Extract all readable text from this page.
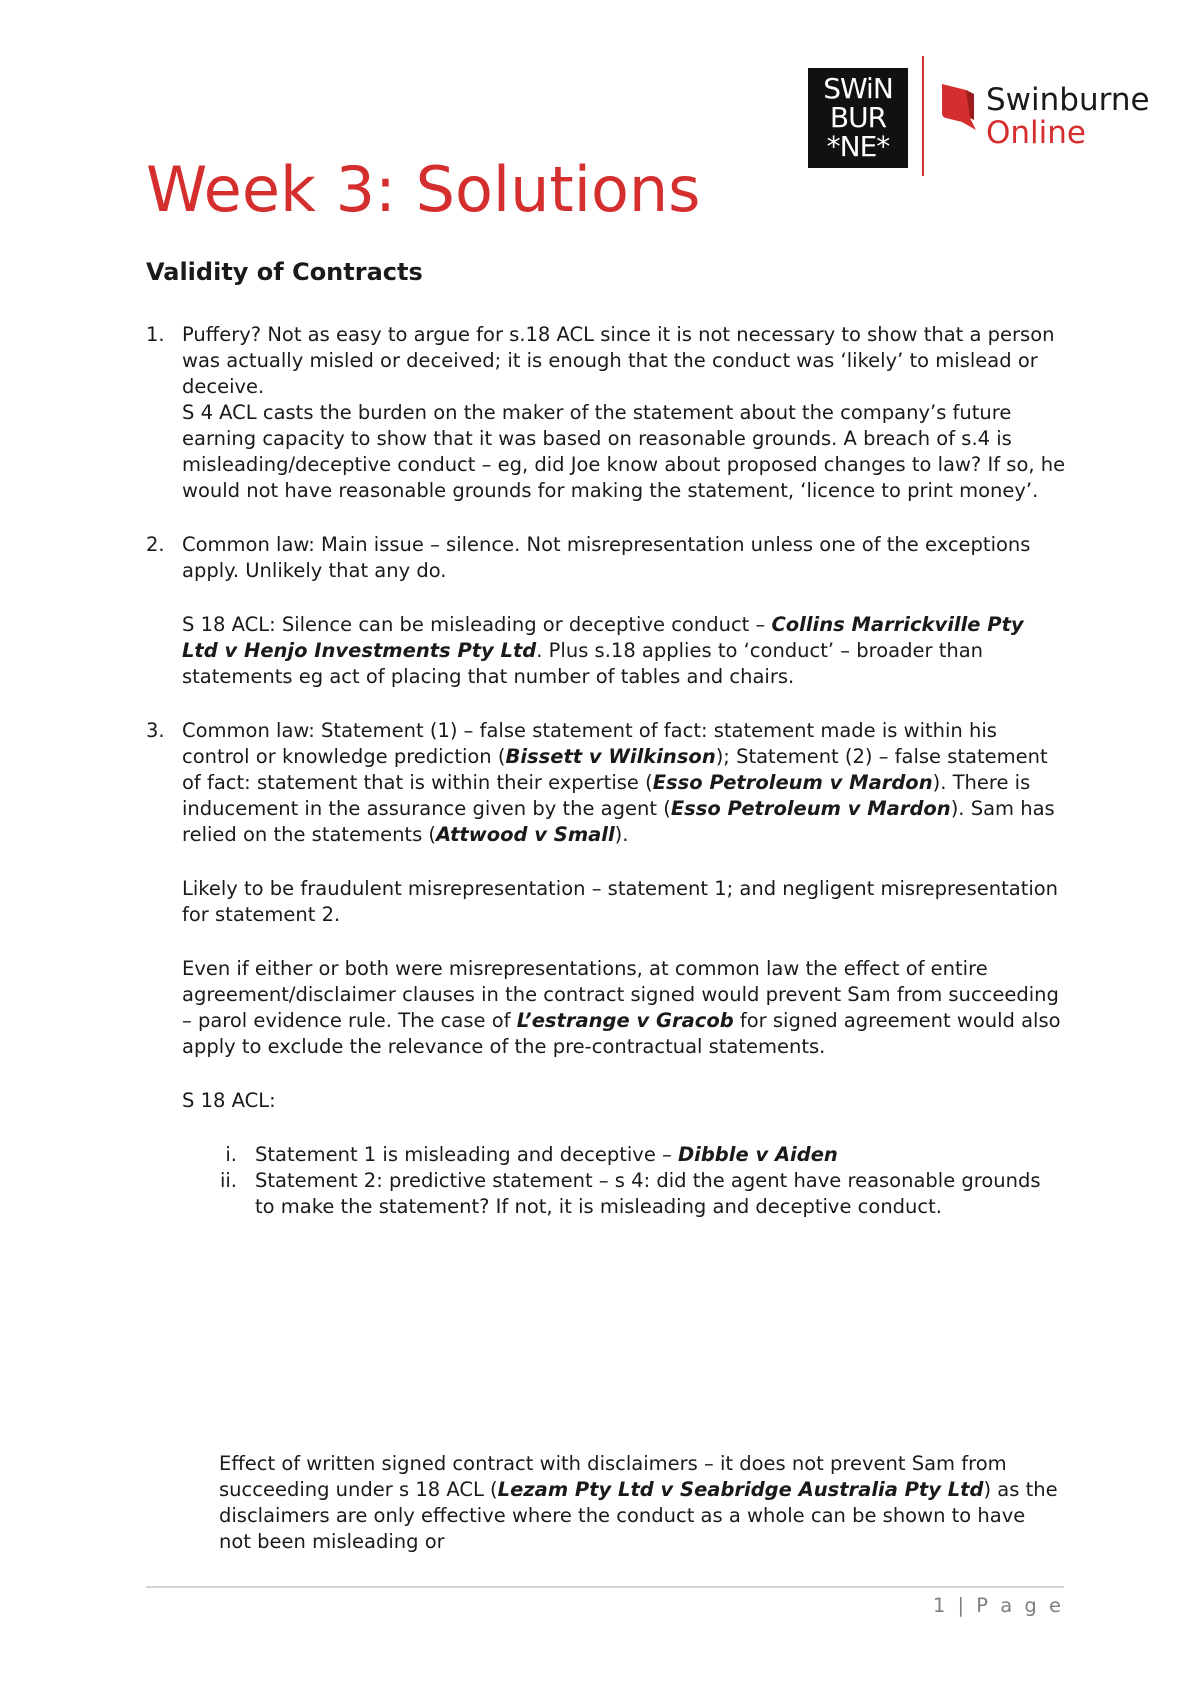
SWiN
BUR
*NE*
Swinburne
Online
Week 3: Solutions
Validity of Contracts
1. Puffery? Not as easy to argue for s.18 ACL since it is not necessary to show that a person was actually misled or deceived; it is enough that the conduct was ‘likely’ to mislead or deceive.

S 4 ACL casts the burden on the maker of the statement about the company’s future earning capacity to show that it was based on reasonable grounds. A breach of s.4 is misleading/deceptive conduct – eg, did Joe know about proposed changes to law? If so, he would not have reasonable grounds for making the statement, ‘licence to print money’.

2. Common law: Main issue – silence. Not misrepresentation unless one of the exceptions apply. Unlikely that any do.

S 18 ACL: Silence can be misleading or deceptive conduct – Collins Marrickville Pty Ltd v Henjo Investments Pty Ltd. Plus s.18 applies to ‘conduct’ – broader than statements eg act of placing that number of tables and chairs.

3. Common law: Statement (1) – false statement of fact: statement made is within his control or knowledge prediction (Bissett v Wilkinson); Statement (2) – false statement of fact: statement that is within their expertise (Esso Petroleum v Mardon). There is inducement in the assurance given by the agent (Esso Petroleum v Mardon). Sam has relied on the statements (Attwood v Small).

Likely to be fraudulent misrepresentation – statement 1; and negligent misrepresentation for statement 2.

Even if either or both were misrepresentations, at common law the effect of entire agreement/disclaimer clauses in the contract signed would prevent Sam from succeeding – parol evidence rule. The case of L’estrange v Gracob for signed agreement would also apply to exclude the relevance of the pre-contractual statements.

S 18 ACL:

i. Statement 1 is misleading and deceptive – Dibble v Aiden
ii. Statement 2: predictive statement – s 4: did the agent have reasonable grounds to make the statement? If not, it is misleading and deceptive conduct.

Effect of written signed contract with disclaimers – it does not prevent Sam from succeeding under s 18 ACL (Lezam Pty Ltd v Seabridge Australia Pty Ltd) as the disclaimers are only effective where the conduct as a whole can be shown to have not been misleading or

1 | P a g e
